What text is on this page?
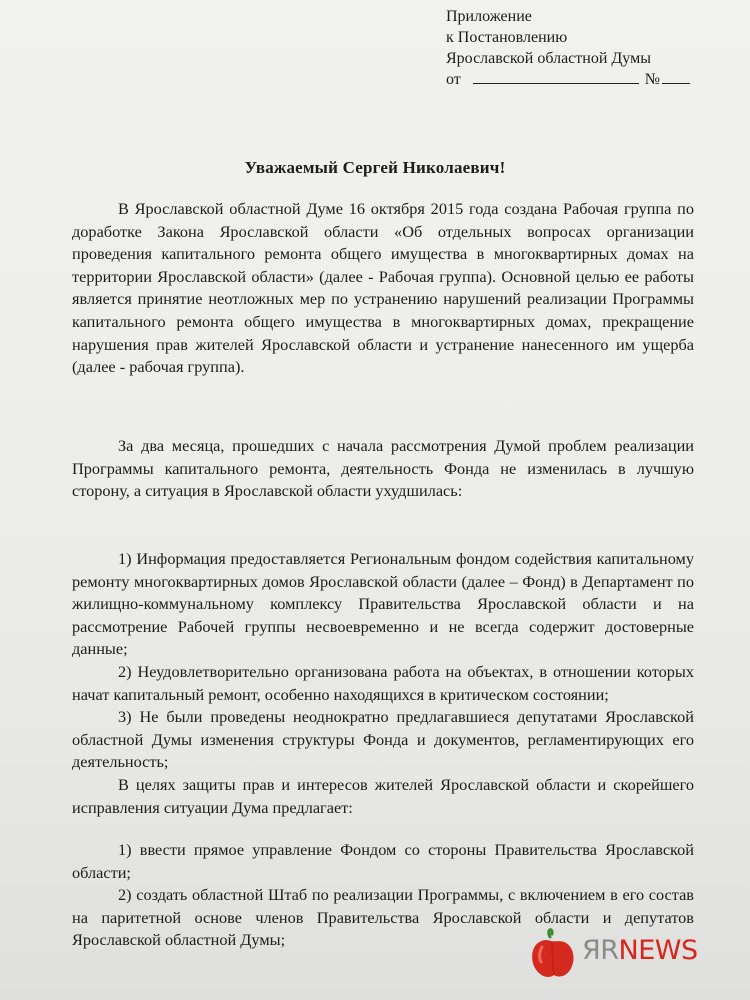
Приложение
к Постановлению
Ярославской областной Думы
от	№
Уважаемый Сергей Николаевич!

В Ярославской областной Думе 16 октября 2015 года создана Рабочая группа по доработке Закона Ярославской области «Об отдельных вопросах организации проведения капитального ремонта общего имущества в многоквартирных домах на территории Ярославской области» (далее - Рабочая группа). Основной целью ее работы является принятие неотложных мер по устранению нарушений реализации Программы капитального ремонта общего имущества в многоквартирных домах, прекращение нарушения прав жителей Ярославской области и устранение нанесенного им ущерба (далее - рабочая группа).

За два месяца, прошедших с начала рассмотрения Думой проблем реализации Программы капитального ремонта, деятельность Фонда не изменилась в лучшую сторону, а ситуация в Ярославской области ухудшилась:

1) Информация предоставляется Региональным фондом содействия капитальному ремонту многоквартирных домов Ярославской области (далее – Фонд) в Департамент по жилищно-коммунальному комплексу Правительства Ярославской области и на рассмотрение Рабочей группы несвоевременно и не всегда содержит достоверные данные;

2) Неудовлетворительно организована работа на объектах, в отношении которых начат капитальный ремонт, особенно находящихся в критическом состоянии;

3) Не были проведены неоднократно предлагавшиеся депутатами Ярославской областной Думы изменения структуры Фонда и документов, регламентирующих его деятельность;

В целях защиты прав и интересов жителей Ярославской области и скорейшего исправления ситуации Дума предлагает:

1) ввести прямое управление Фондом со стороны Правительства Ярославской области;

2) создать областной Штаб по реализации Программы, с включением в его состав на паритетной основе членов Правительства Ярославской области и депутатов Ярославской областной Думы;	ЯRNEWS
